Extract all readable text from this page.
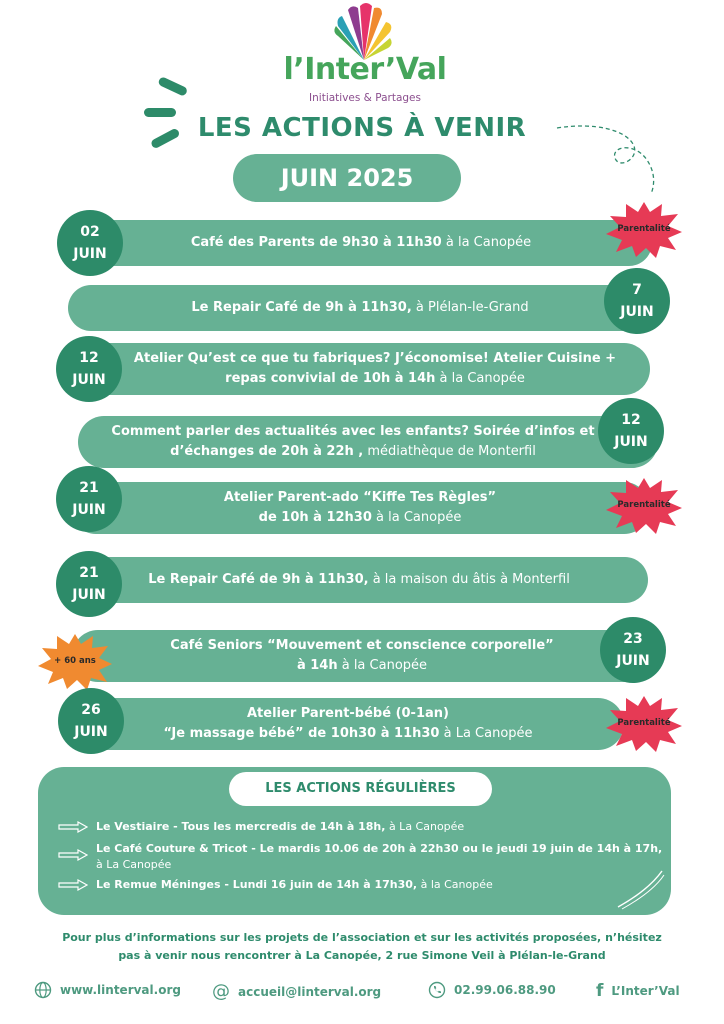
l’Inter’Val
Initiatives & Partages
LES ACTIONS À VENIR
JUIN 2025
Café des Parents de 9h30 à 11h30 à la Canopée
02
JUIN
Parentalité
Le Repair Café de 9h à 11h30, à Plélan-le-Grand
7
JUIN
Atelier Qu’est ce que tu fabriques? J’économise! Atelier Cuisine +
repas convivial de 10h à 14h à la Canopée
12
JUIN
Comment parler des actualités avec les enfants? Soirée d’infos et
d’échanges de 20h à 22h , médiathèque de Monterfil
12
JUIN
Atelier Parent-ado “Kiffe Tes Règles”
de 10h à 12h30 à la Canopée
21
JUIN	Parentalité
Le Repair Café de 9h à 11h30, à la maison du âtis à Monterfil
21
JUIN
Café Seniors “Mouvement et conscience corporelle”
à 14h à la Canopée
23
JUIN
+ 60 ans
Atelier Parent-bébé (0-1an)
“Je massage bébé” de 10h30 à 11h30 à La Canopée
26
JUIN
Parentalité
LES ACTIONS RÉGULIÈRES
Le Vestiaire - Tous les mercredis de 14h à 18h, à La Canopée
Le Café Couture & Tricot - Le mardis 10.06 de 20h à 22h30 ou le jeudi 19 juin de 14h à 17h, à La Canopée
Le Remue Méninges - Lundi 16 juin de 14h à 17h30, à la Canopée
Pour plus d’informations sur les projets de l’association et sur les activités proposées, n’hésitez
pas à venir nous rencontrer à La Canopée, 2 rue Simone Veil à Plélan-le-Grand
www.linterval.org @ accueil@linterval.org	02.99.06.88.90 f L’Inter’Val
